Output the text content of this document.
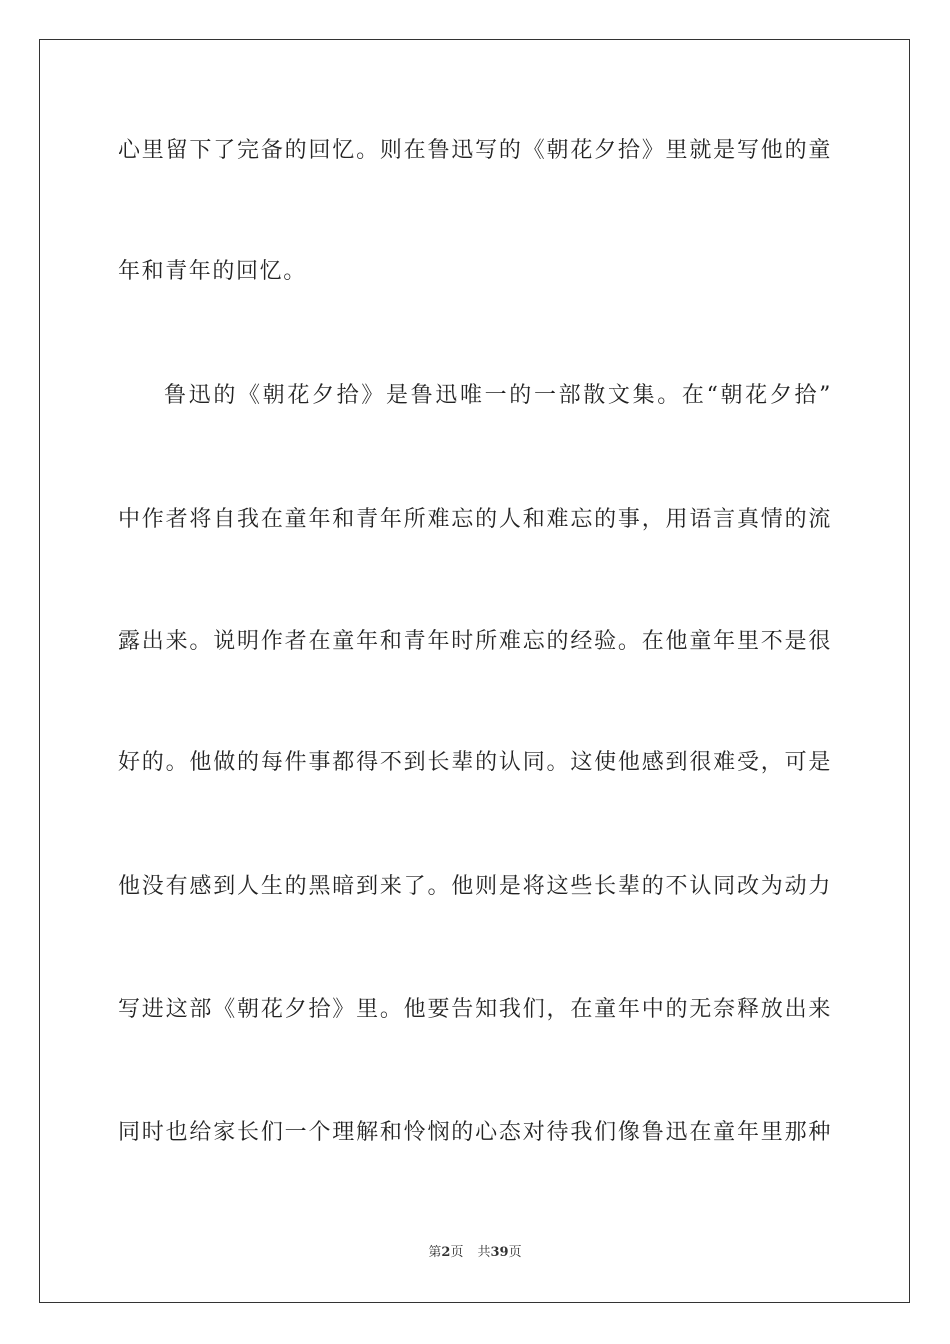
心里留下了完备的回忆。则在鲁迅写的《朝花夕拾》里就是写他的童
年和青年的回忆。
鲁迅的《朝花夕拾》是鲁迅唯一的一部散文集。在“朝花夕拾”
中作者将自我在童年和青年所难忘的人和难忘的事，用语言真情的流
露出来。说明作者在童年和青年时所难忘的经验。在他童年里不是很
好的。他做的每件事都得不到长辈的认同。这使他感到很难受，可是
他没有感到人生的黑暗到来了。他则是将这些长辈的不认同改为动力
写进这部《朝花夕拾》里。他要告知我们，在童年中的无奈释放出来
同时也给家长们一个理解和怜悯的心态对待我们像鲁迅在童年里那种
第2页 共39页
